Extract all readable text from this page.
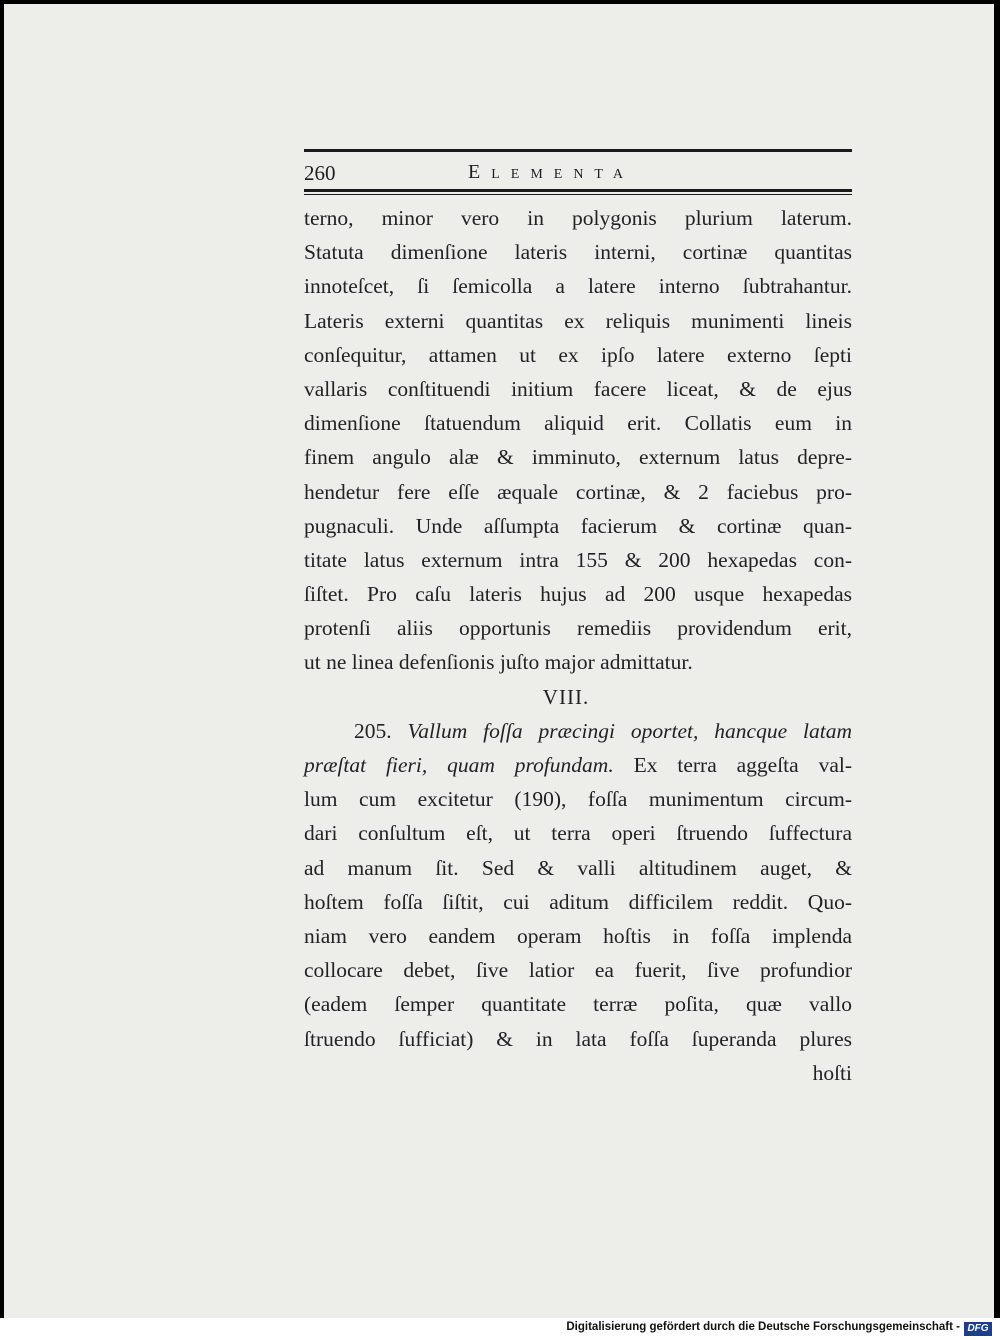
260	Elementa
terno, minor vero in polygonis plurium laterum.
Statuta dimenſione lateris interni, cortinæ quantitas
innoteſcet, ſi ſemicolla a latere interno ſubtrahantur.
Lateris externi quantitas ex reliquis munimenti lineis
conſequitur, attamen ut ex ipſo latere externo ſepti
vallaris conſtituendi initium facere liceat, & de ejus
dimenſione ſtatuendum aliquid erit. Collatis eum in
finem angulo alæ & imminuto, externum latus depre-
hendetur fere eſſe æquale cortinæ, & 2 faciebus pro-
pugnaculi. Unde aſſumpta facierum & cortinæ quan-
titate latus externum intra 155 & 200 hexapedas con-
ſiſtet. Pro caſu lateris hujus ad 200 usque hexapedas
protenſi aliis opportunis remediis providendum erit,
ut ne linea defenſionis juſto major admittatur.
VIII.
205. Vallum foſſa præcingi oportet, hancque latam
præſtat fieri, quam profundam. Ex terra aggeſta val-
lum cum excitetur (190), foſſa munimentum circum-
dari conſultum eſt, ut terra operi ſtruendo ſuffectura
ad manum ſit. Sed & valli altitudinem auget, &
hoſtem foſſa ſiſtit, cui aditum difficilem reddit. Quo-
niam vero eandem operam hoſtis in foſſa implenda
collocare debet, ſive latior ea fuerit, ſive profundior
(eadem ſemper quantitate terræ poſita, quæ vallo
ſtruendo ſufficiat) & in lata foſſa ſuperanda plures
hoſti
Digitalisierung gefördert durch die Deutsche Forschungsgemeinschaft - DFG
